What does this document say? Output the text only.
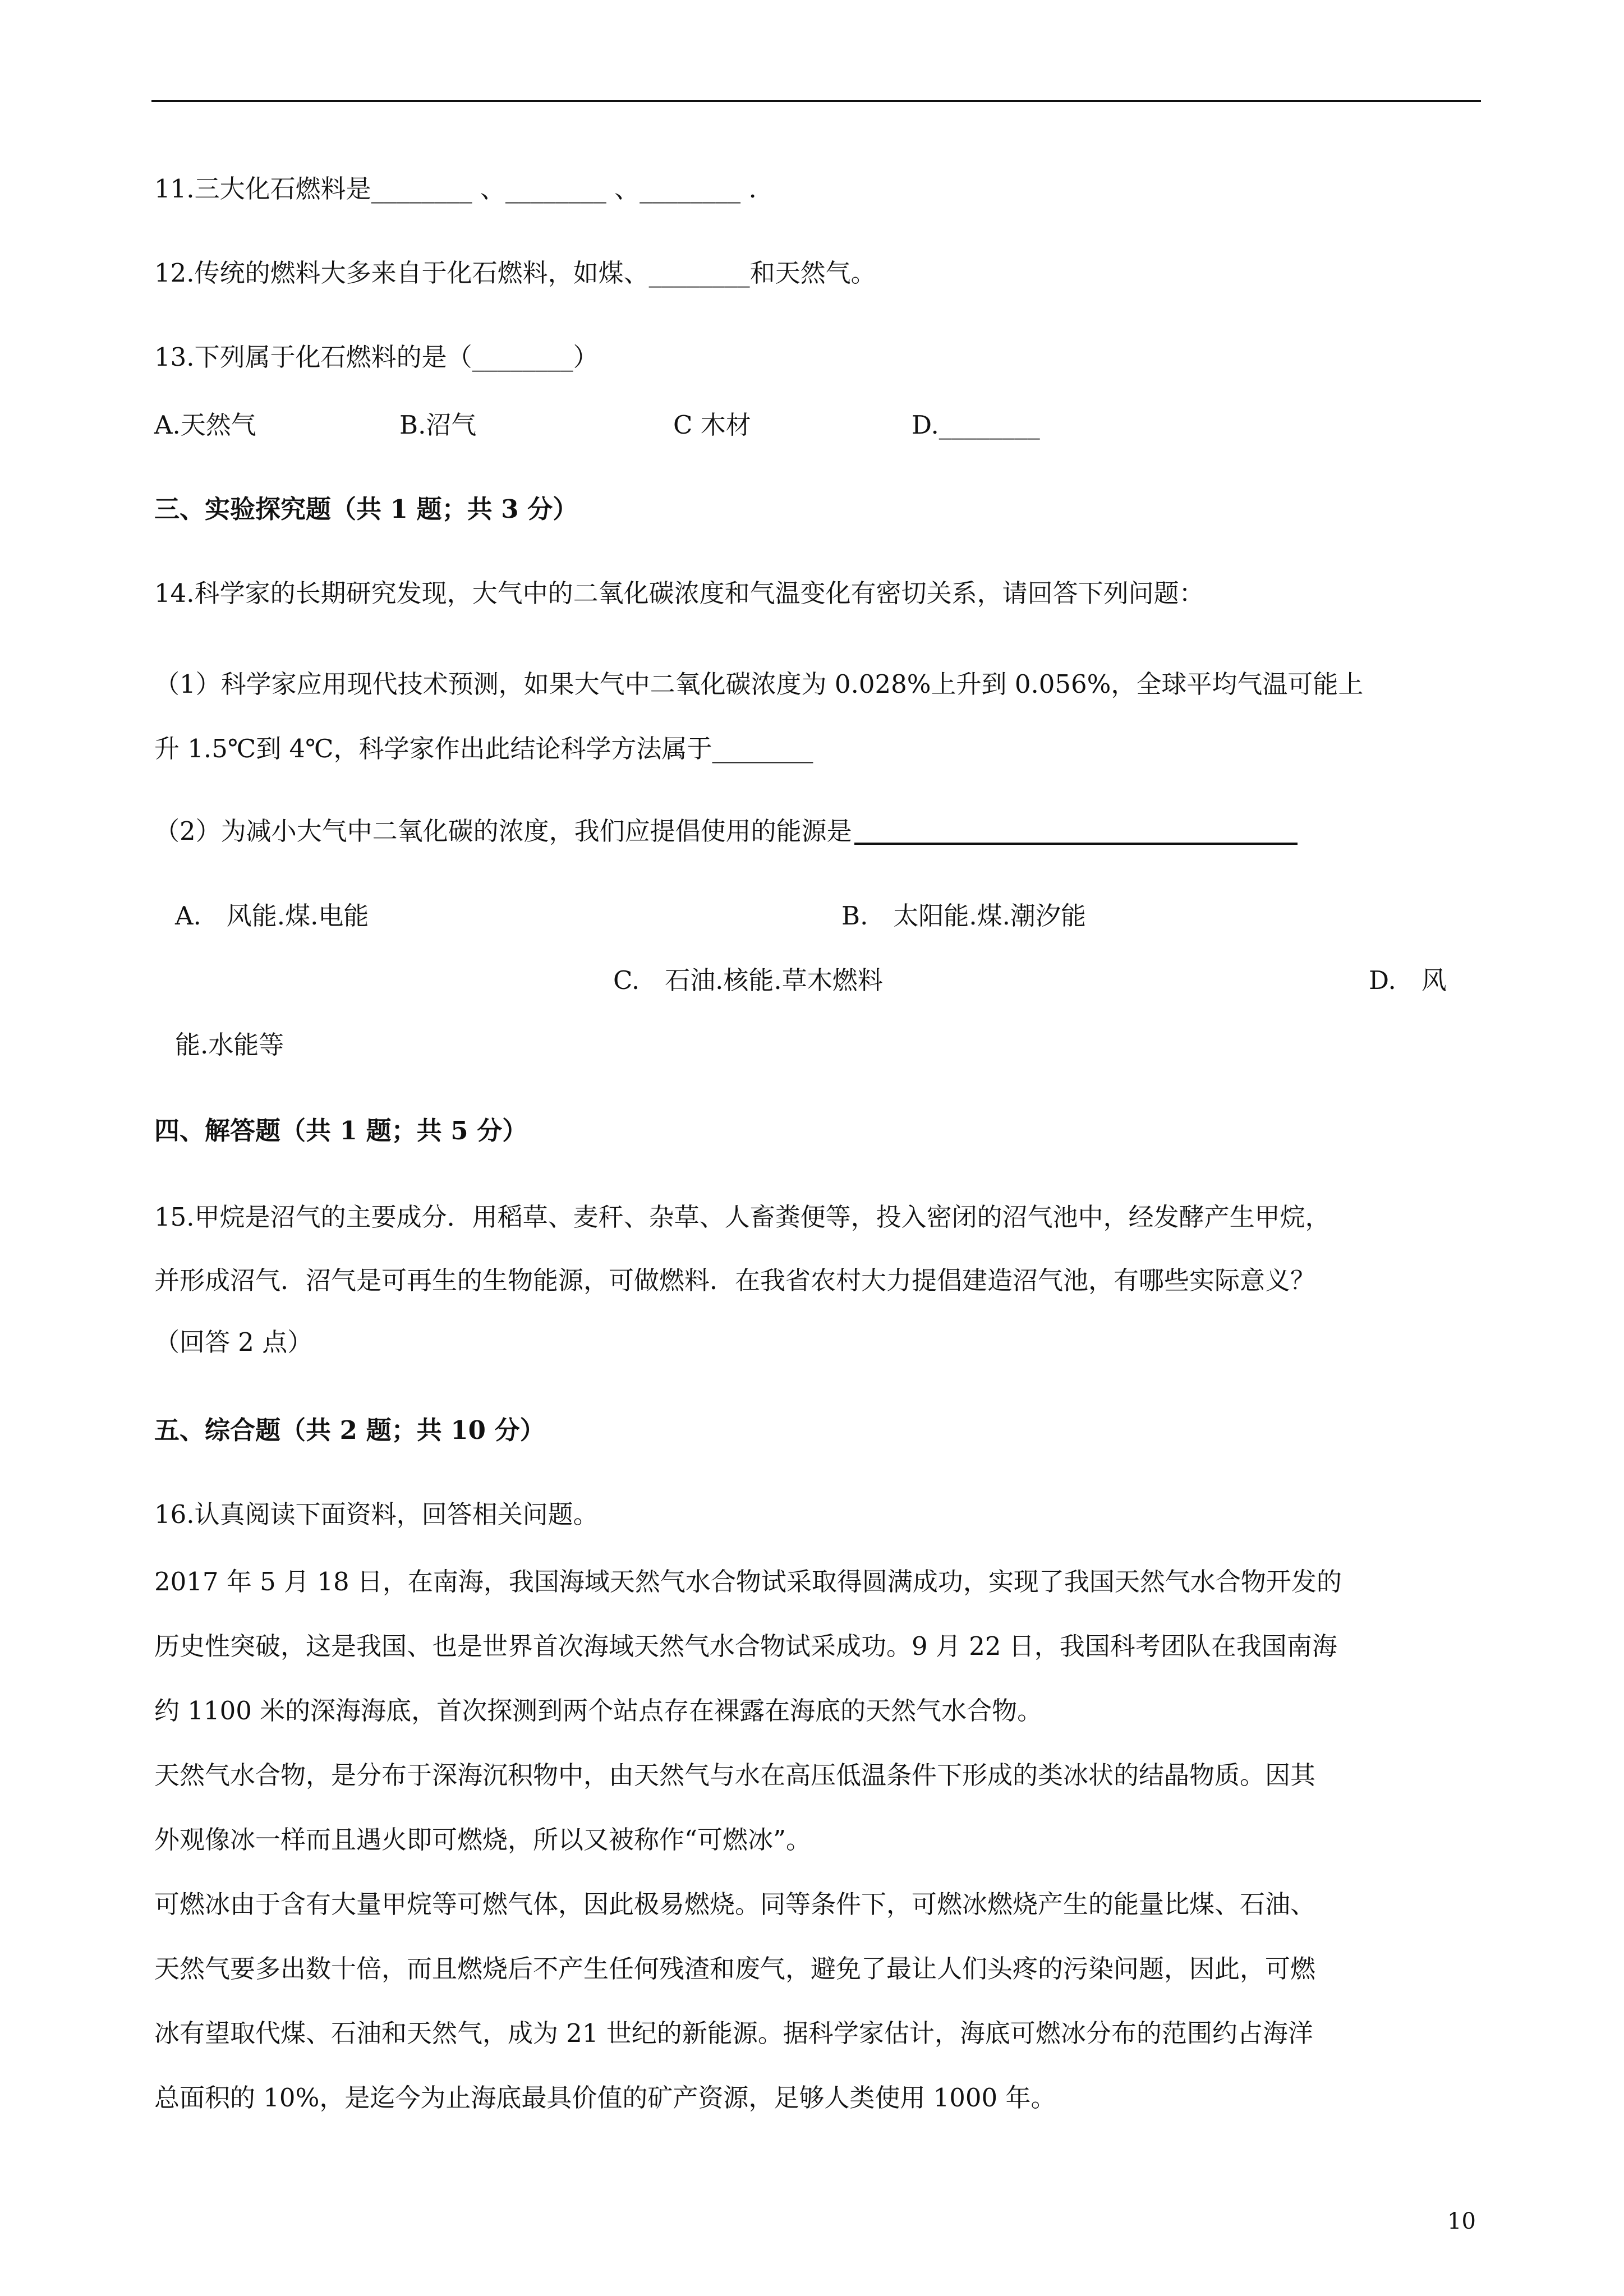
11.三大化石燃料是________ 、________ 、________ .
12.传统的燃料大多来自于化石燃料，如煤、________和天然气。
13.下列属于化石燃料的是（________）
A.天然气	B.沼气	C 木材	D.________
三、实验探究题（共 1 题；共 3 分）
14.科学家的长期研究发现，大气中的二氧化碳浓度和气温变化有密切关系，请回答下列问题：
（1）科学家应用现代技术预测，如果大气中二氧化碳浓度为 0.028%上升到 0.056%，全球平均气温可能上
升 1.5℃到 4℃，科学家作出此结论科学方法属于________
（2）为减小大气中二氧化碳的浓度，我们应提倡使用的能源是
A.　风能.煤.电能	B.　太阳能.煤.潮汐能
C.　石油.核能.草木燃料	D.　风
能.水能等
四、解答题（共 1 题；共 5 分）
15.甲烷是沼气的主要成分．用稻草、麦秆、杂草、人畜粪便等，投入密闭的沼气池中，经发酵产生甲烷，
并形成沼气．沼气是可再生的生物能源，可做燃料．在我省农村大力提倡建造沼气池，有哪些实际意义？
（回答 2 点）
五、综合题（共 2 题；共 10 分）
16.认真阅读下面资料，回答相关问题。
2017 年 5 月 18 日，在南海，我国海域天然气水合物试采取得圆满成功，实现了我国天然气水合物开发的
历史性突破，这是我国、也是世界首次海域天然气水合物试采成功。9 月 22 日，我国科考团队在我国南海
约 1100 米的深海海底，首次探测到两个站点存在裸露在海底的天然气水合物。
天然气水合物，是分布于深海沉积物中，由天然气与水在高压低温条件下形成的类冰状的结晶物质。因其
外观像冰一样而且遇火即可燃烧，所以又被称作“可燃冰”。
可燃冰由于含有大量甲烷等可燃气体，因此极易燃烧。同等条件下，可燃冰燃烧产生的能量比煤、石油、
天然气要多出数十倍，而且燃烧后不产生任何残渣和废气，避免了最让人们头疼的污染问题，因此，可燃
冰有望取代煤、石油和天然气，成为 21 世纪的新能源。据科学家估计，海底可燃冰分布的范围约占海洋
总面积的 10%，是迄今为止海底最具价值的矿产资源，足够人类使用 1000 年。
10
